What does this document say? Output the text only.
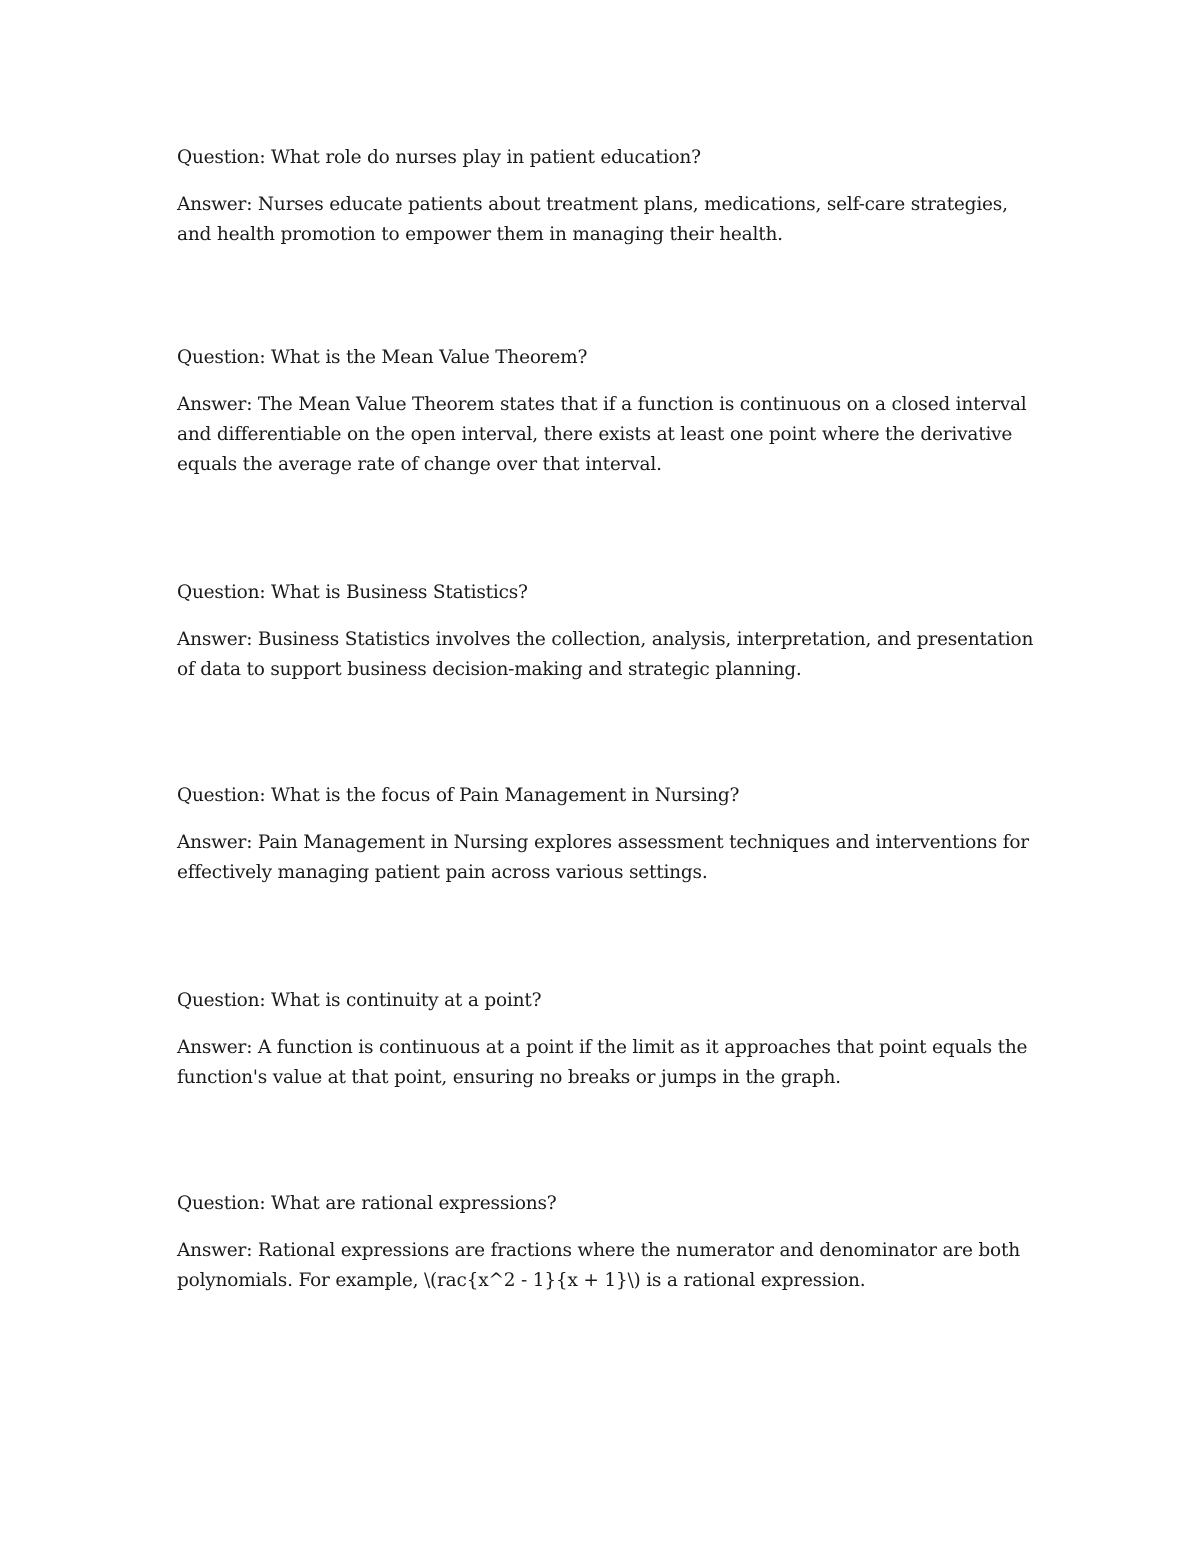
Question: What role do nurses play in patient education?

Answer: Nurses educate patients about treatment plans, medications, self-care strategies, and health promotion to empower them in managing their health.

Question: What is the Mean Value Theorem?

Answer: The Mean Value Theorem states that if a function is continuous on a closed interval and differentiable on the open interval, there exists at least one point where the derivative equals the average rate of change over that interval.

Question: What is Business Statistics?

Answer: Business Statistics involves the collection, analysis, interpretation, and presentation of data to support business decision-making and strategic planning.

Question: What is the focus of Pain Management in Nursing?

Answer: Pain Management in Nursing explores assessment techniques and interventions for effectively managing patient pain across various settings.

Question: What is continuity at a point?

Answer: A function is continuous at a point if the limit as it approaches that point equals the function's value at that point, ensuring no breaks or jumps in the graph.

Question: What are rational expressions?

Answer: Rational expressions are fractions where the numerator and denominator are both polynomials. For example, \(rac{x^2 - 1}{x + 1}\) is a rational expression.
